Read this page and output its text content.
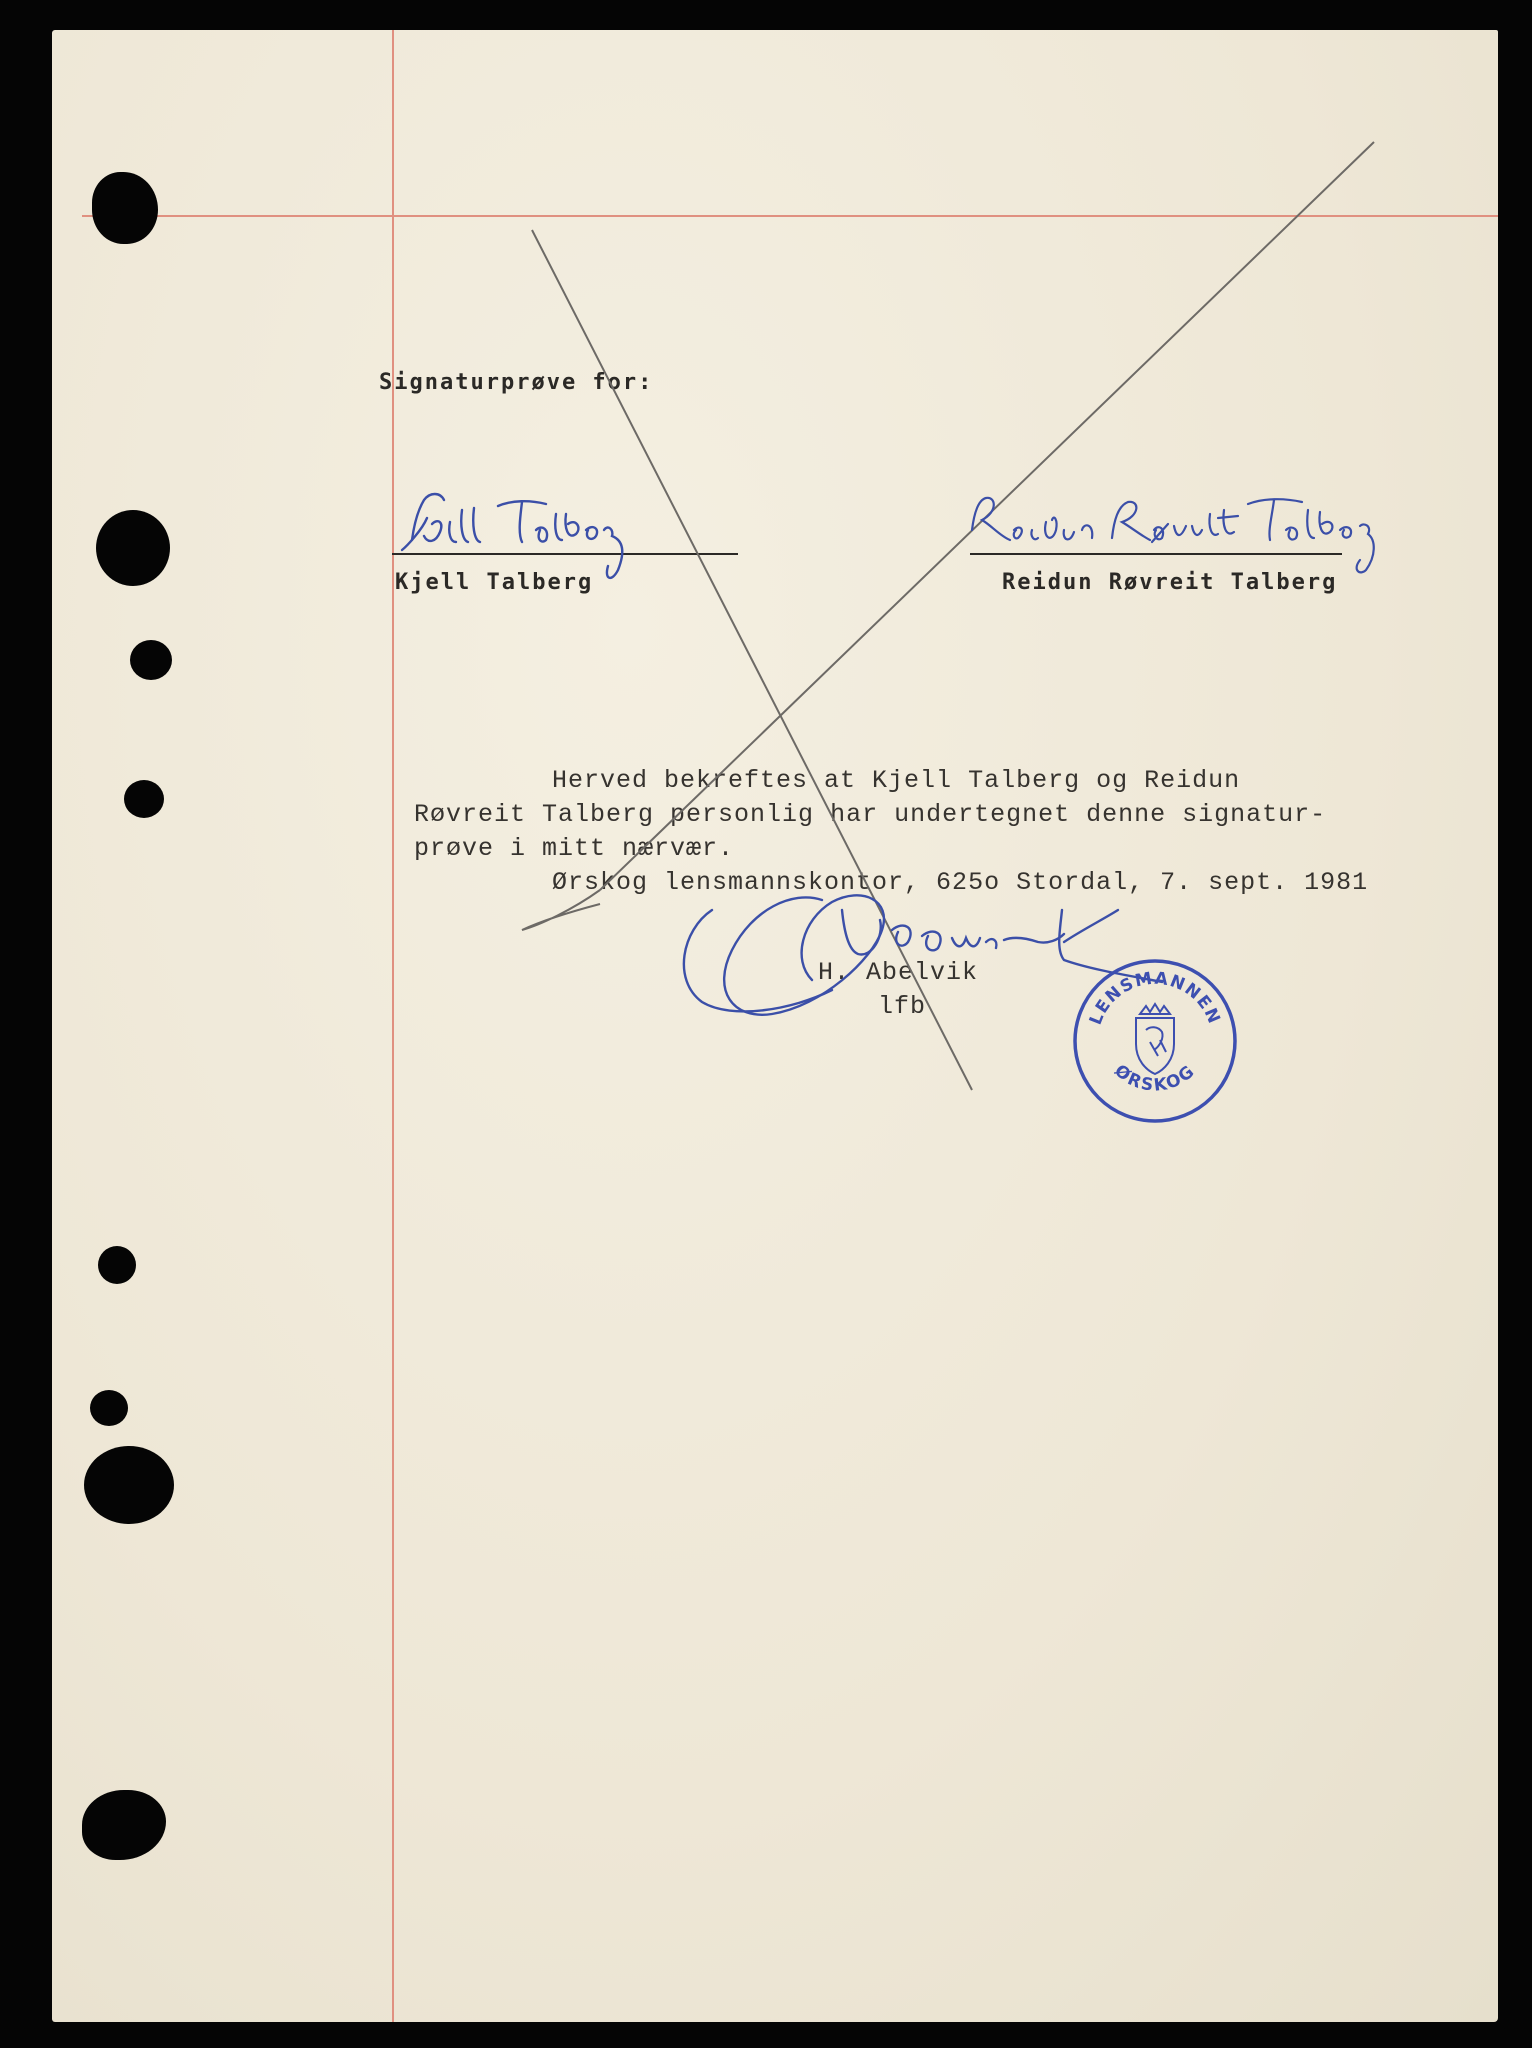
Signaturprøve for:
Kjell Talberg	Reidun Røvreit Talberg
Herved bekreftes at Kjell Talberg og Reidun
Røvreit Talberg personlig har undertegnet denne signatur-
prøve i mitt nærvær.
Ørskog lensmannskontor, 625o Stordal, 7. sept. 1981
H. Abelvik
lfb	LENSMANNEN
ØRSKOG
